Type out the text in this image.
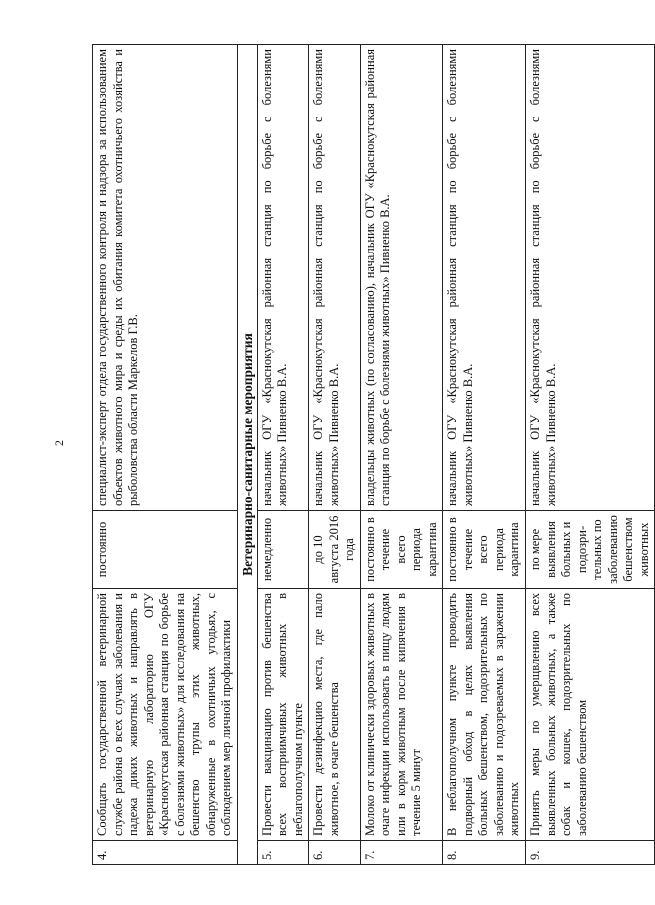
2
4.	Сообщать государственной ветеринарной службе района о всех случаях заболевания и падежа диких животных и направлять в ветеринарную лабораторию ОГУ «Краснокутская районная станция по борьбе с болезнями животных» для исследования на бешенство трупы этих животных, обнаруженные в охотничьих угодьях, с соблюдением мер личной профилактики	постоянно	специалист-эксперт отдела государственного контроля и надзора за использованием объектов животного мира и среды их обитания комитета охотничьего хозяйства и рыболовства области Маркелов Г.В.
Ветеринарно-санитарные мероприятия			
5.	Провести вакцинацию против бешенства всех восприимчивых животных в неблагополучном пункте	немедленно	начальник ОГУ «Краснокутская районная станция по борьбе с болезнями животных» Пивненко В.А.
6.	Провести дезинфекцию места, где пало животное, в очаге бешенства	до 10 августа 2016 года	начальник ОГУ «Краснокутская районная станция по борьбе с болезнями животных» Пивненко В.А.
7.	Молоко от клинически здоровых животных в очаге инфекции использовать в пищу людям или в корм животным после кипячения в течение 5 минут	постоянно в течение всего периода карантина	владельцы животных (по согласованию), начальник ОГУ «Краснокутская районная станция по борьбе с болезнями животных» Пивненко В.А.
8.	В неблагополучном пункте проводить подворный обход в целях выявления больных бешенством, подозрительных по заболеванию и подозреваемых в заражении животных	постоянно в течение всего периода карантина	начальник ОГУ «Краснокутская районная станция по борьбе с болезнями животных» Пивненко В.А.
9.	Принять меры по умерщвлению всех выявленных больных животных, а также собак и кошек, подозрительных по заболеванию бешенством	по мере выявления больных и подозри-тельных по заболеванию бешенством животных	начальник ОГУ «Краснокутская районная станция по борьбе с болезнями животных» Пивненко В.А.
